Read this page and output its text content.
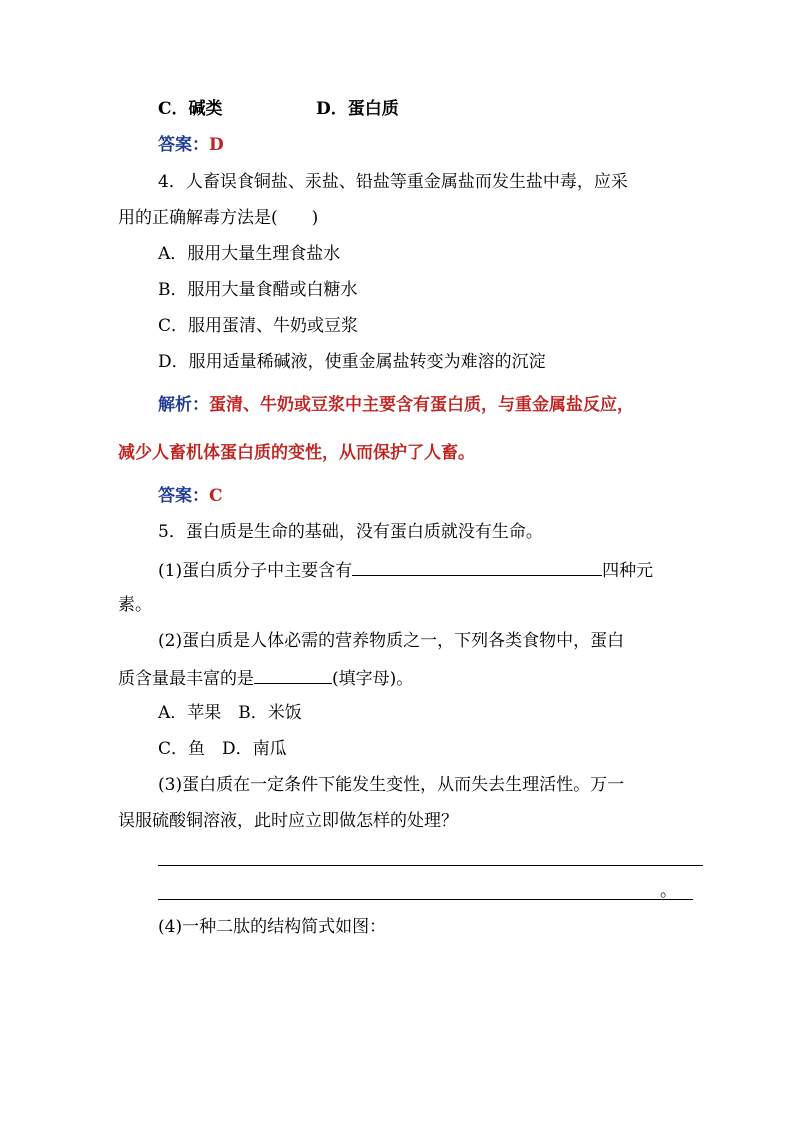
C．碱类	D．蛋白质
答案：D
4．人畜误食铜盐、汞盐、铅盐等重金属盐而发生盐中毒，应采
用的正确解毒方法是(　　)
A．服用大量生理食盐水
B．服用大量食醋或白糖水
C．服用蛋清、牛奶或豆浆
D．服用适量稀碱液，使重金属盐转变为难溶的沉淀
解析：蛋清、牛奶或豆浆中主要含有蛋白质，与重金属盐反应，
减少人畜机体蛋白质的变性，从而保护了人畜。
答案：C
5．蛋白质是生命的基础，没有蛋白质就没有生命。
(1)蛋白质分子中主要含有	四种元
素。
(2)蛋白质是人体必需的营养物质之一，下列各类食物中，蛋白
质含量最丰富的是	(填字母)。
A．苹果　B．米饭
C．鱼　D．南瓜
(3)蛋白质在一定条件下能发生变性，从而失去生理活性。万一
误服硫酸铜溶液，此时应立即做怎样的处理？
。
(4)一种二肽的结构简式如图：
